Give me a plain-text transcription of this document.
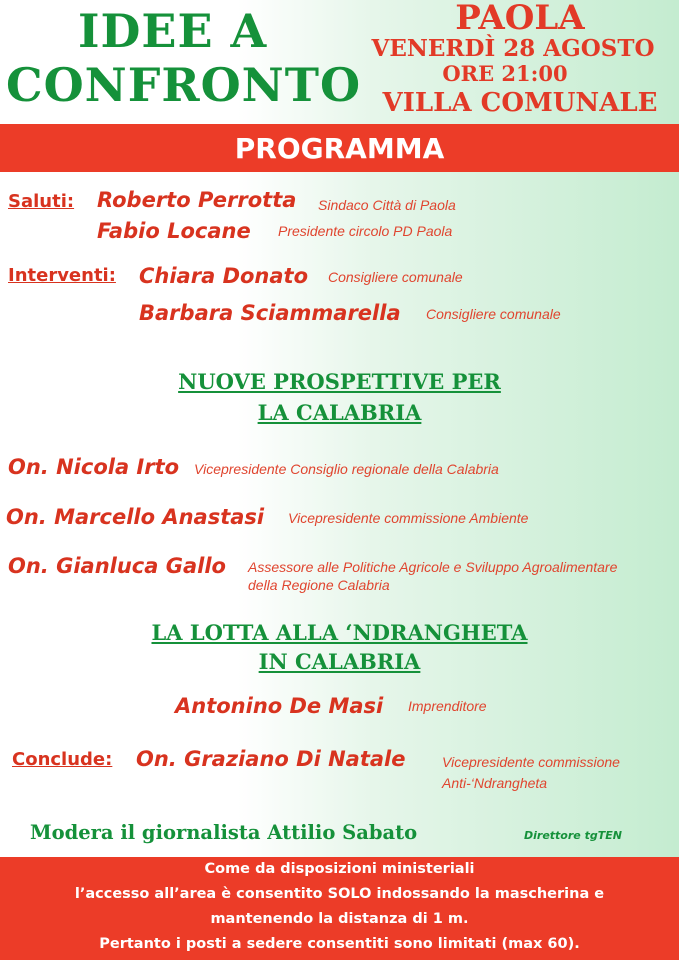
IDEE A
CONFRONTO
PAOLA
VENERDÌ 28 AGOSTO
ORE 21:00
VILLA COMUNALE
PROGRAMMA
Saluti: Roberto Perrotta Sindaco Città di Paola
Fabio Locane Presidente circolo PD Paola
Interventi: Chiara Donato Consigliere comunale
Barbara Sciammarella Consigliere comunale
NUOVE PROSPETTIVE PER
LA CALABRIA
On. Nicola Irto Vicepresidente Consiglio regionale della Calabria
On. Marcello Anastasi Vicepresidente commissione Ambiente
On. Gianluca Gallo Assessore alle Politiche Agricole e Sviluppo Agroalimentare
della Regione Calabria
LA LOTTA ALLA ‘NDRANGHETA
IN CALABRIA
Antonino De Masi Imprenditore
Conclude: On. Graziano Di Natale	Vicepresidente commissione
Anti-‘Ndrangheta
Modera il giornalista Attilio Sabato	Direttore tgTEN
Come da disposizioni ministeriali
l’accesso all’area è consentito SOLO indossando la mascherina e
mantenendo la distanza di 1 m.
Pertanto i posti a sedere consentiti sono limitati (max 60).
